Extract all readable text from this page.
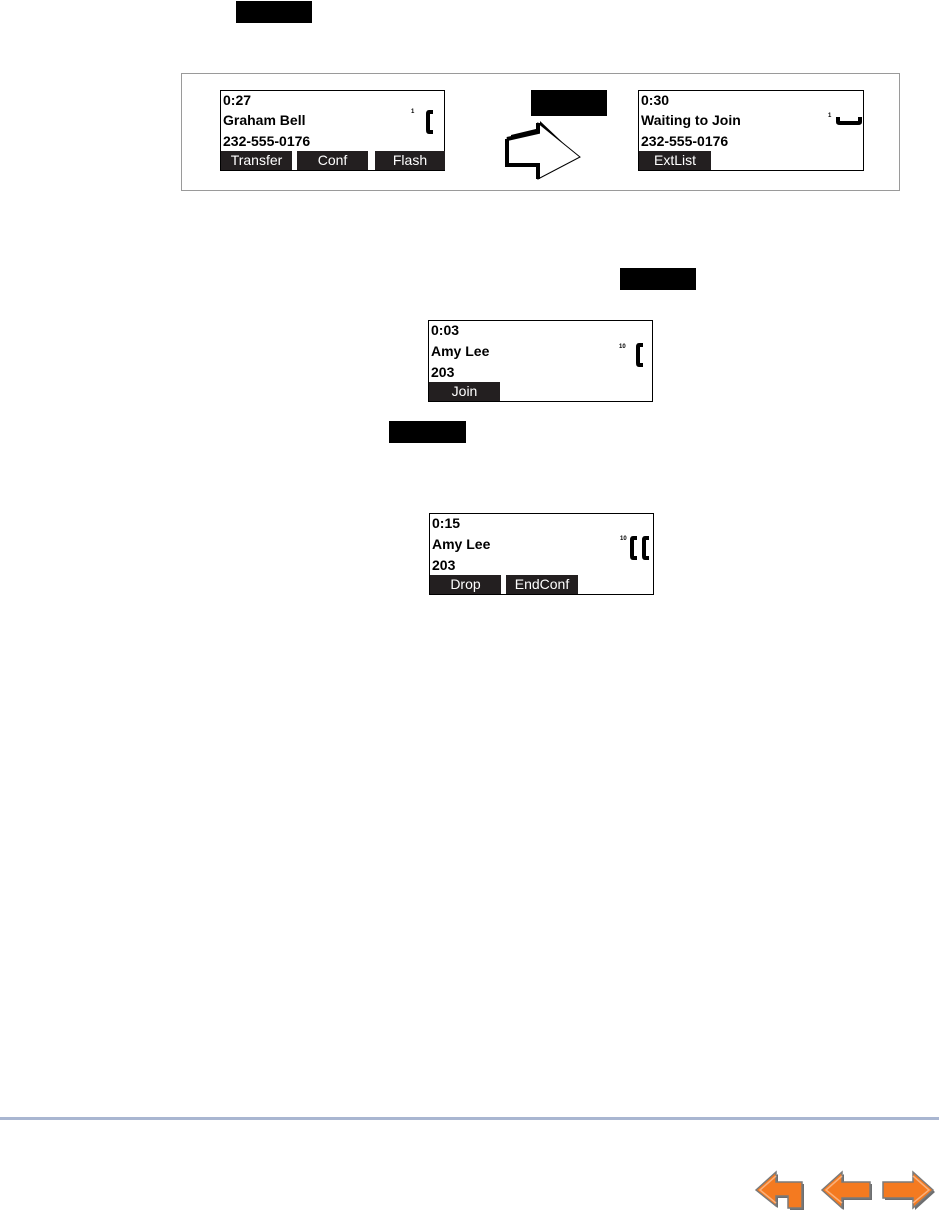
0:27
Graham Bell
232-555-0176
1
Transfer	Conf	Flash
0:30
Waiting to Join
232-555-0176
1
ExtList
0:03
Amy Lee
203
10
Join
0:15
Amy Lee
203
10
Drop	EndConf
